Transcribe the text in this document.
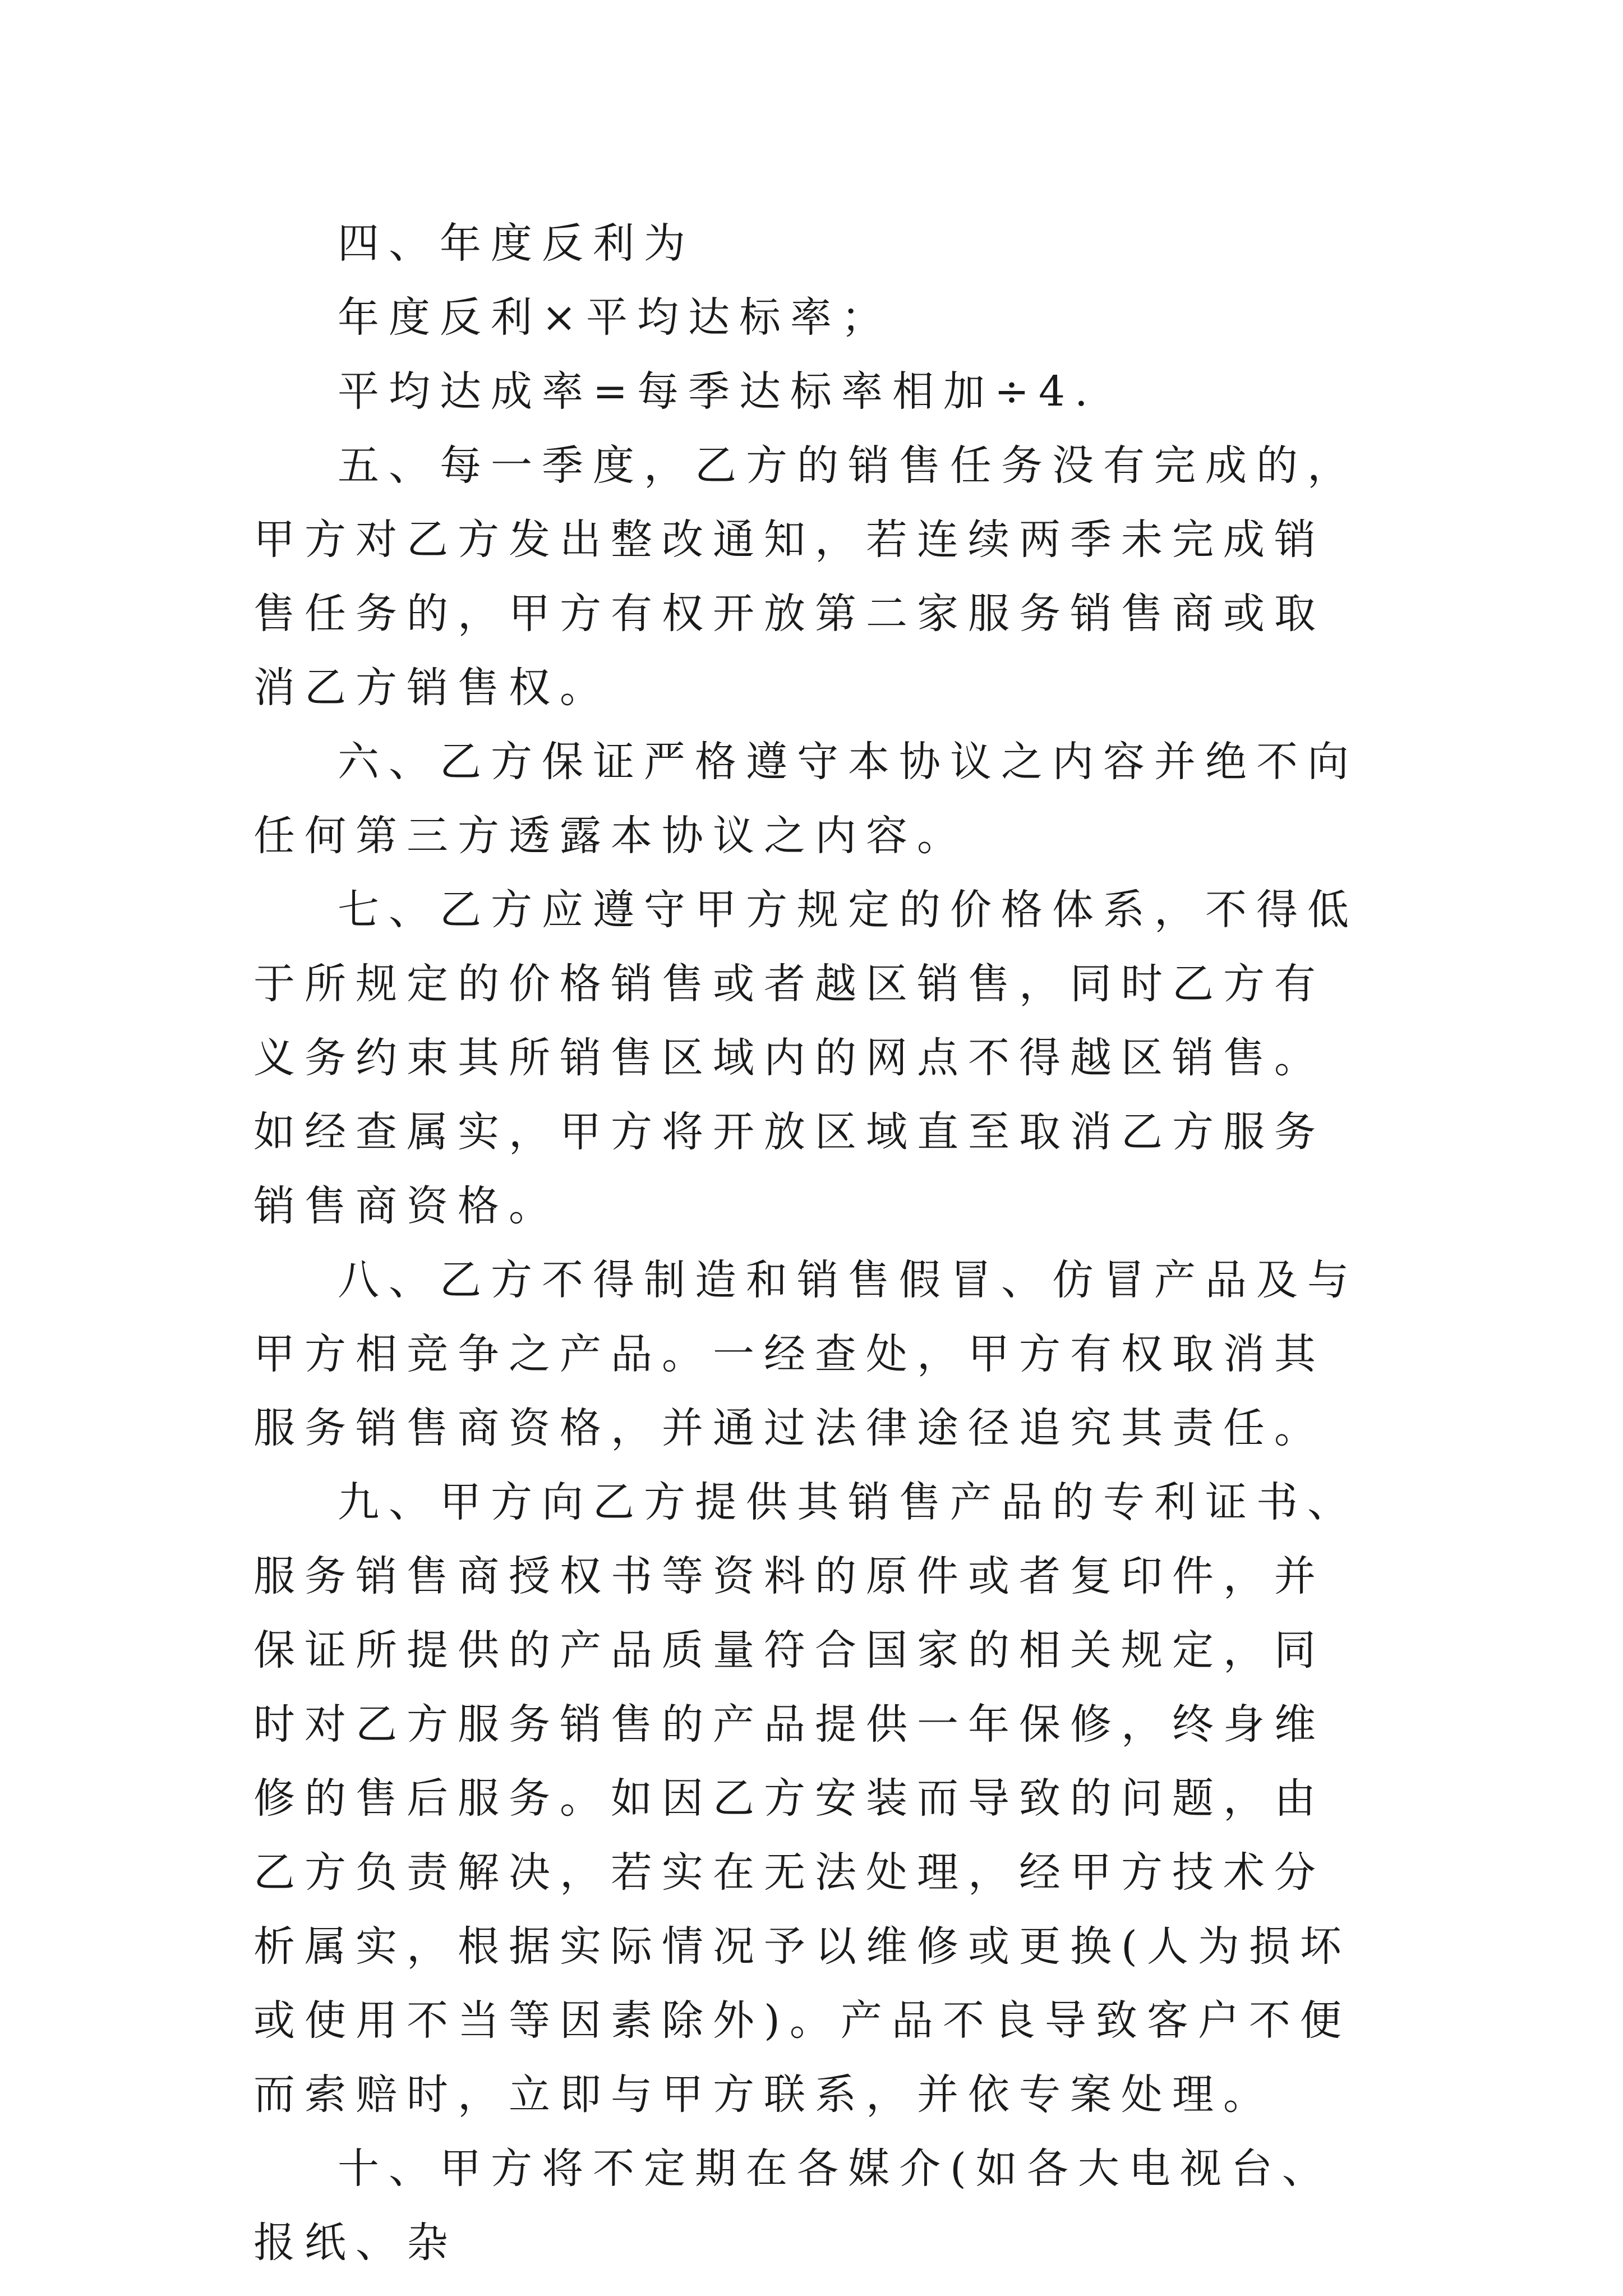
四、年度反利为

年度反利×平均达标率；

平均达成率=每季达标率相加÷4.

五、每一季度，乙方的销售任务没有完成的，甲方对乙方发出整改通知，若连续两季未完成销售任务的，甲方有权开放第二家服务销售商或取消乙方销售权。

六、乙方保证严格遵守本协议之内容并绝不向任何第三方透露本协议之内容。

七、乙方应遵守甲方规定的价格体系，不得低于所规定的价格销售或者越区销售，同时乙方有义务约束其所销售区域内的网点不得越区销售。如经查属实，甲方将开放区域直至取消乙方服务销售商资格。

八、乙方不得制造和销售假冒、仿冒产品及与甲方相竞争之产品。一经查处，甲方有权取消其服务销售商资格，并通过法律途径追究其责任。

九、甲方向乙方提供其销售产品的专利证书、服务销售商授权书等资料的原件或者复印件，并保证所提供的产品质量符合国家的相关规定，同时对乙方服务销售的产品提供一年保修，终身维修的售后服务。如因乙方安装而导致的问题，由乙方负责解决，若实在无法处理，经甲方技术分析属实，根据实际情况予以维修或更换(人为损坏或使用不当等因素除外)。产品不良导致客户不便而索赔时，立即与甲方联系，并依专案处理。

十、甲方将不定期在各媒介(如各大电视台、报纸、杂
